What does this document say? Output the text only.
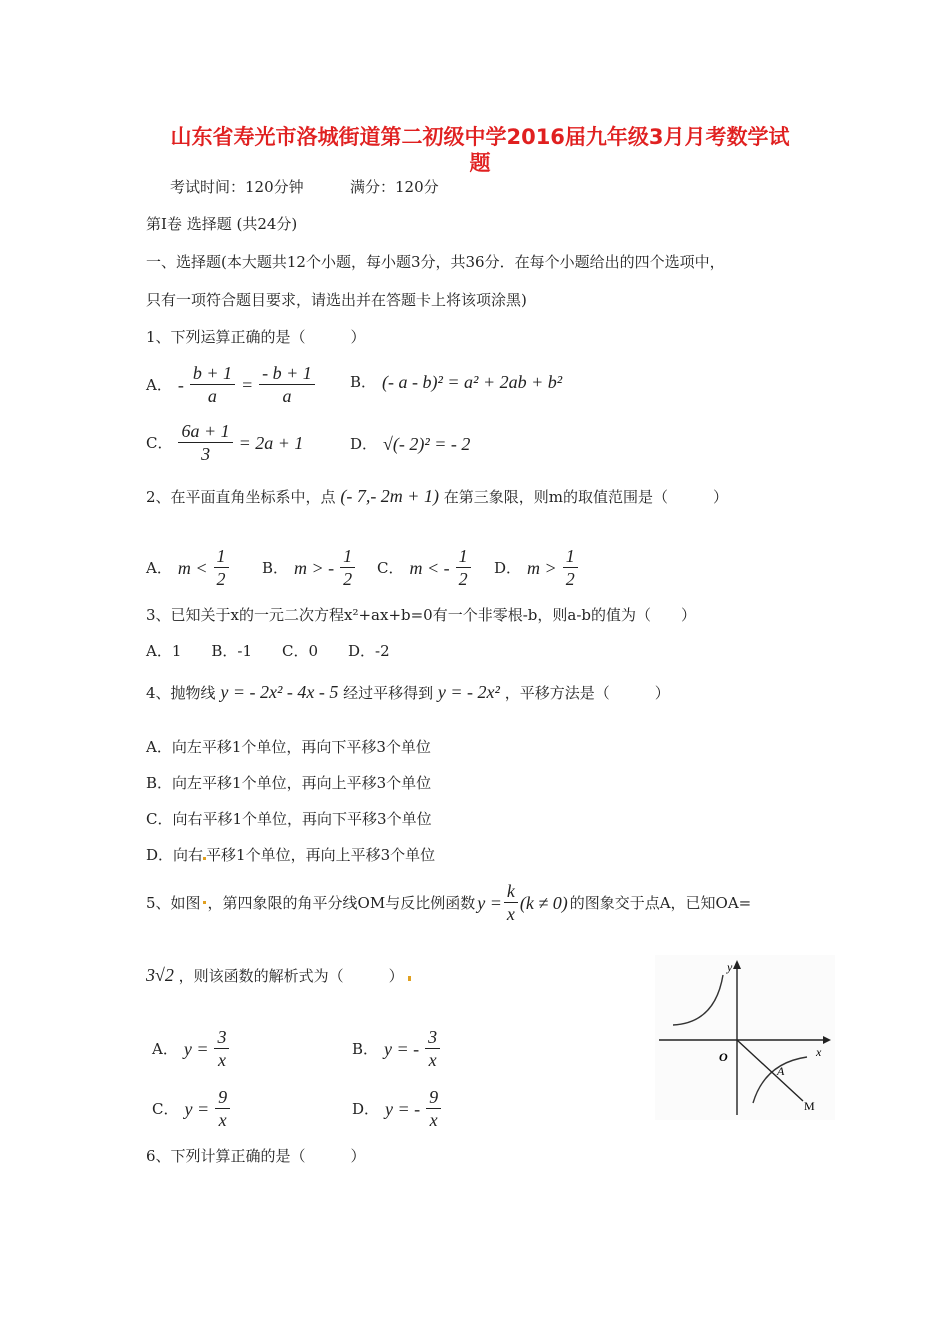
山东省寿光市洛城街道第二初级中学2016届九年级3月月考数学试
题
考试时间：120分钟	满分：120分
第Ⅰ卷 选择题 (共24分)
一、选择题(本大题共12个小题，每小题3分，共36分．在每个小题给出的四个选项中，
只有一项符合题目要求，请选出并在答题卡上将该项涂黑)
1、下列运算正确的是（　　　）
A． - $\frac{b + 1}{a} = \frac{- b + 1}{a}$ B． (- a - b)² = a² + 2ab + b²
C． $\frac{6a + 1}{3} = 2a + 1$	D． √(- 2)² = - 2
2、在平面直角坐标系中，点 (- 7,- 2m + 1) 在第三象限，则m的取值范围是（　　　）
A． $m < \frac{1}{2}$ B． m > - $\frac{1}{2}$ C． m < - $\frac{1}{2}$ D． $m > \frac{1}{2}$
3、已知关于x的一元二次方程x²+ax+b=0有一个非零根-b，则a-b的值为（　　）
A．1　　B．-1　　C．0　　D．-2
4、抛物线 y = - 2x² - 4x - 5 经过平移得到 y = - 2x² ，平移方法是（　　　）
A．向左平移1个单位，再向下平移3个单位
B．向左平移1个单位，再向上平移3个单位
C．向右平移1个单位，再向下平移3个单位
D．向右 平移1个单位，再向上平移3个单位
5、如图 ，第四象限的角平分线OM与反比例函数 $y = \frac{k}{x} (k \ne 0)$ 的图象交于点A，已知OA=
3√2 ，则该函数的解析式为（　　　）
A． $y = \frac{3}{x}$	B． y = - $\frac{3}{x}$
C． $y = \frac{9}{x}$	D． y = - $\frac{9}{x}$
y
x
O
A
M
6、下列计算正确的是（　　　）
